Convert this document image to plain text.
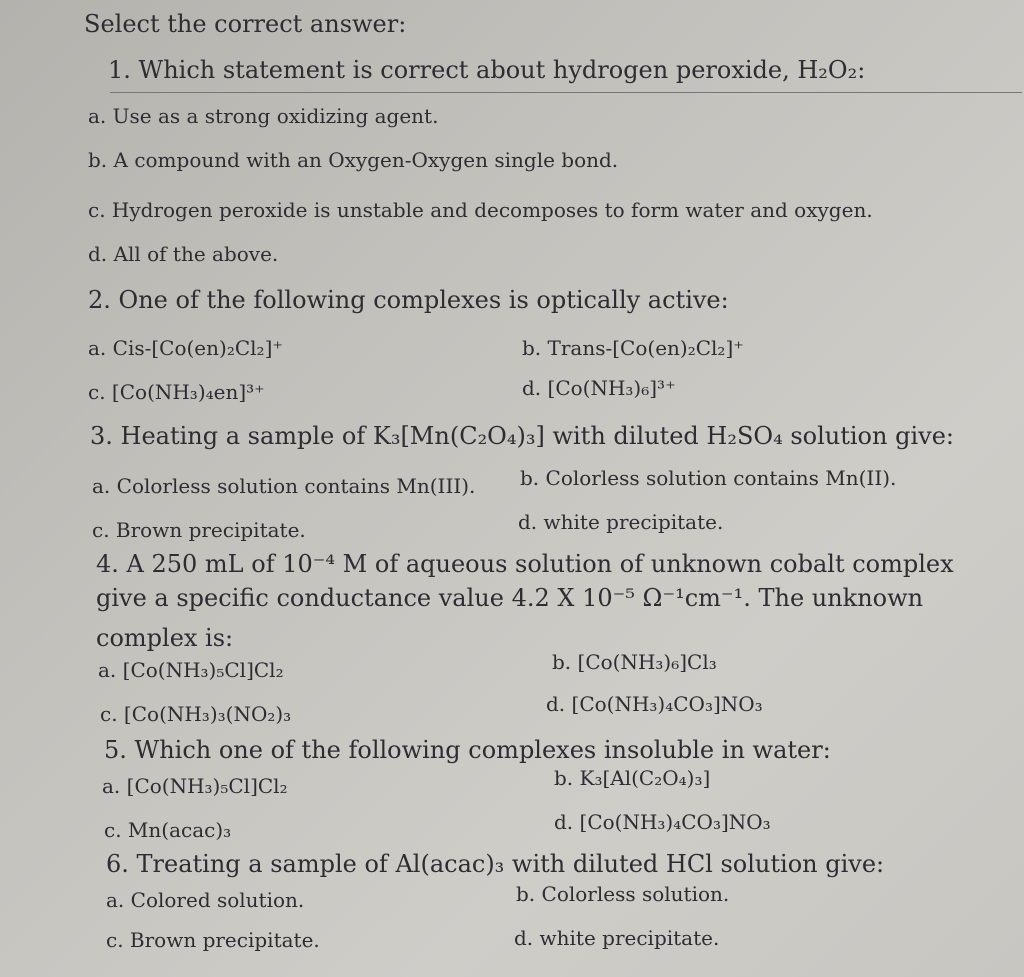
Select the correct answer:
1. Which statement is correct about hydrogen peroxide, H₂O₂:
a. Use as a strong oxidizing agent.
b. A compound with an Oxygen-Oxygen single bond.
c. Hydrogen peroxide is unstable and decomposes to form water and oxygen.
d. All of the above.
2. One of the following complexes is optically active:
a. Cis-[Co(en)₂Cl₂]⁺	b. Trans-[Co(en)₂Cl₂]⁺
c. [Co(NH₃)₄en]³⁺	d. [Co(NH₃)₆]³⁺
3. Heating a sample of K₃[Mn(C₂O₄)₃] with diluted H₂SO₄ solution give:
a. Colorless solution contains Mn(III). b. Colorless solution contains Mn(II).
c. Brown precipitate.	d. white precipitate.
4. A 250 mL of 10⁻⁴ M of aqueous solution of unknown cobalt complex
give a specific conductance value 4.2 X 10⁻⁵ Ω⁻¹cm⁻¹. The unknown
complex is:
a. [Co(NH₃)₅Cl]Cl₂	b. [Co(NH₃)₆]Cl₃
c. [Co(NH₃)₃(NO₂)₃	d. [Co(NH₃)₄CO₃]NO₃
5. Which one of the following complexes insoluble in water:
a. [Co(NH₃)₅Cl]Cl₂	b. K₃[Al(C₂O₄)₃]
c. Mn(acac)₃	d. [Co(NH₃)₄CO₃]NO₃
6. Treating a sample of Al(acac)₃ with diluted HCl solution give:
a. Colored solution.	b. Colorless solution.
c. Brown precipitate.	d. white precipitate.
